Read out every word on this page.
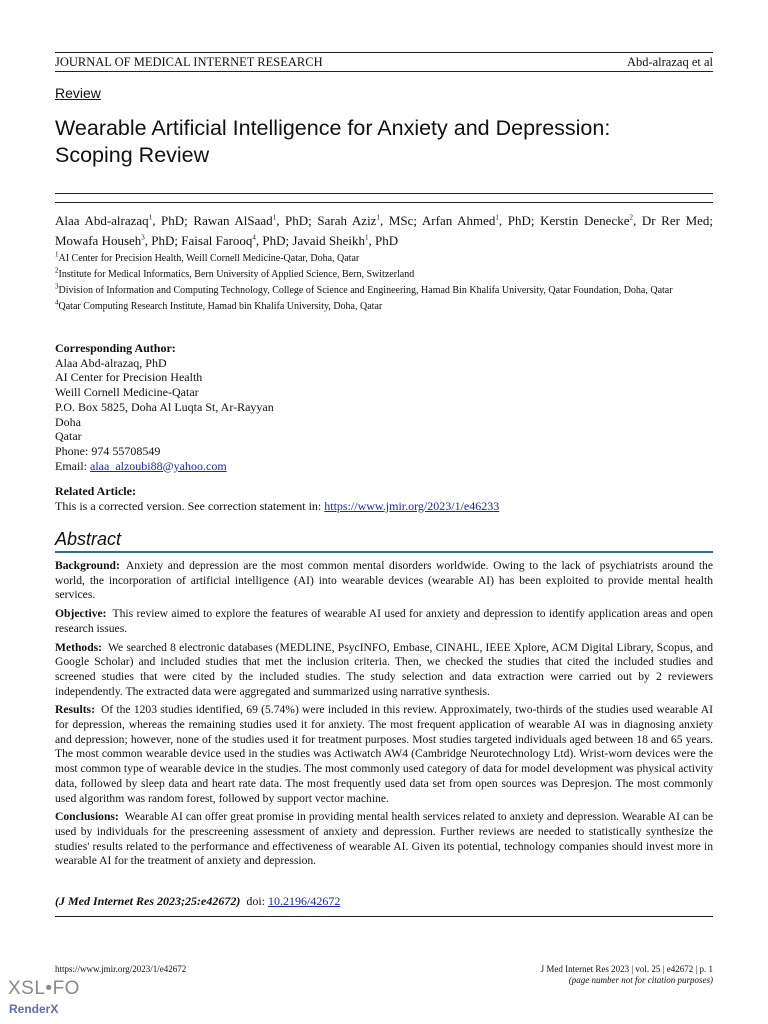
JOURNAL OF MEDICAL INTERNET RESEARCH	Abd-alrazaq et al
Review
Wearable Artificial Intelligence for Anxiety and Depression:
Scoping Review
Alaa Abd-alrazaq$^1$, PhD; Rawan AlSaad$^1$, PhD; Sarah Aziz$^1$, MSc; Arfan Ahmed$^1$, PhD; Kerstin Denecke$^2$, Dr Rer Med; Mowafa Househ$^3$, PhD; Faisal Farooq$^4$, PhD; Javaid Sheikh$^1$, PhD
$^1$AI Center for Precision Health, Weill Cornell Medicine-Qatar, Doha, Qatar
$^2$Institute for Medical Informatics, Bern University of Applied Science, Bern, Switzerland
$^3$Division of Information and Computing Technology, College of Science and Engineering, Hamad Bin Khalifa University, Qatar Foundation, Doha, Qatar
$^4$Qatar Computing Research Institute, Hamad bin Khalifa University, Doha, Qatar
Corresponding Author:
Alaa Abd-alrazaq, PhD
AI Center for Precision Health
Weill Cornell Medicine-Qatar
P.O. Box 5825, Doha Al Luqta St, Ar-Rayyan
Doha
Qatar
Phone: 974 55708549
Email: alaa_alzoubi88@yahoo.com
Related Article:
This is a corrected version. See correction statement in: https://www.jmir.org/2023/1/e46233
Abstract

Background: Anxiety and depression are the most common mental disorders worldwide. Owing to the lack of psychiatrists around the world, the incorporation of artificial intelligence (AI) into wearable devices (wearable AI) has been exploited to provide mental health services.

Objective: This review aimed to explore the features of wearable AI used for anxiety and depression to identify application areas and open research issues.

Methods: We searched 8 electronic databases (MEDLINE, PsycINFO, Embase, CINAHL, IEEE Xplore, ACM Digital Library, Scopus, and Google Scholar) and included studies that met the inclusion criteria. Then, we checked the studies that cited the included studies and screened studies that were cited by the included studies. The study selection and data extraction were carried out by 2 reviewers independently. The extracted data were aggregated and summarized using narrative synthesis.

Results: Of the 1203 studies identified, 69 (5.74%) were included in this review. Approximately, two-thirds of the studies used wearable AI for depression, whereas the remaining studies used it for anxiety. The most frequent application of wearable AI was in diagnosing anxiety and depression; however, none of the studies used it for treatment purposes. Most studies targeted individuals aged between 18 and 65 years. The most common wearable device used in the studies was Actiwatch AW4 (Cambridge Neurotechnology Ltd). Wrist-worn devices were the most common type of wearable device in the studies. The most commonly used category of data for model development was physical activity data, followed by sleep data and heart rate data. The most frequently used data set from open sources was Depresjon. The most commonly used algorithm was random forest, followed by support vector machine.

Conclusions: Wearable AI can offer great promise in providing mental health services related to anxiety and depression. Wearable AI can be used by individuals for the prescreening assessment of anxiety and depression. Further reviews are needed to statistically synthesize the studies' results related to the performance and effectiveness of wearable AI. Given its potential, technology companies should invest more in wearable AI for the treatment of anxiety and depression.

(J Med Internet Res 2023;25:e42672) doi: 10.2196/42672
https://www.jmir.org/2023/1/e42672	J Med Internet Res 2023 | vol. 25 | e42672 | p. 1
(page number not for citation purposes)
XSL•FO
RenderX
